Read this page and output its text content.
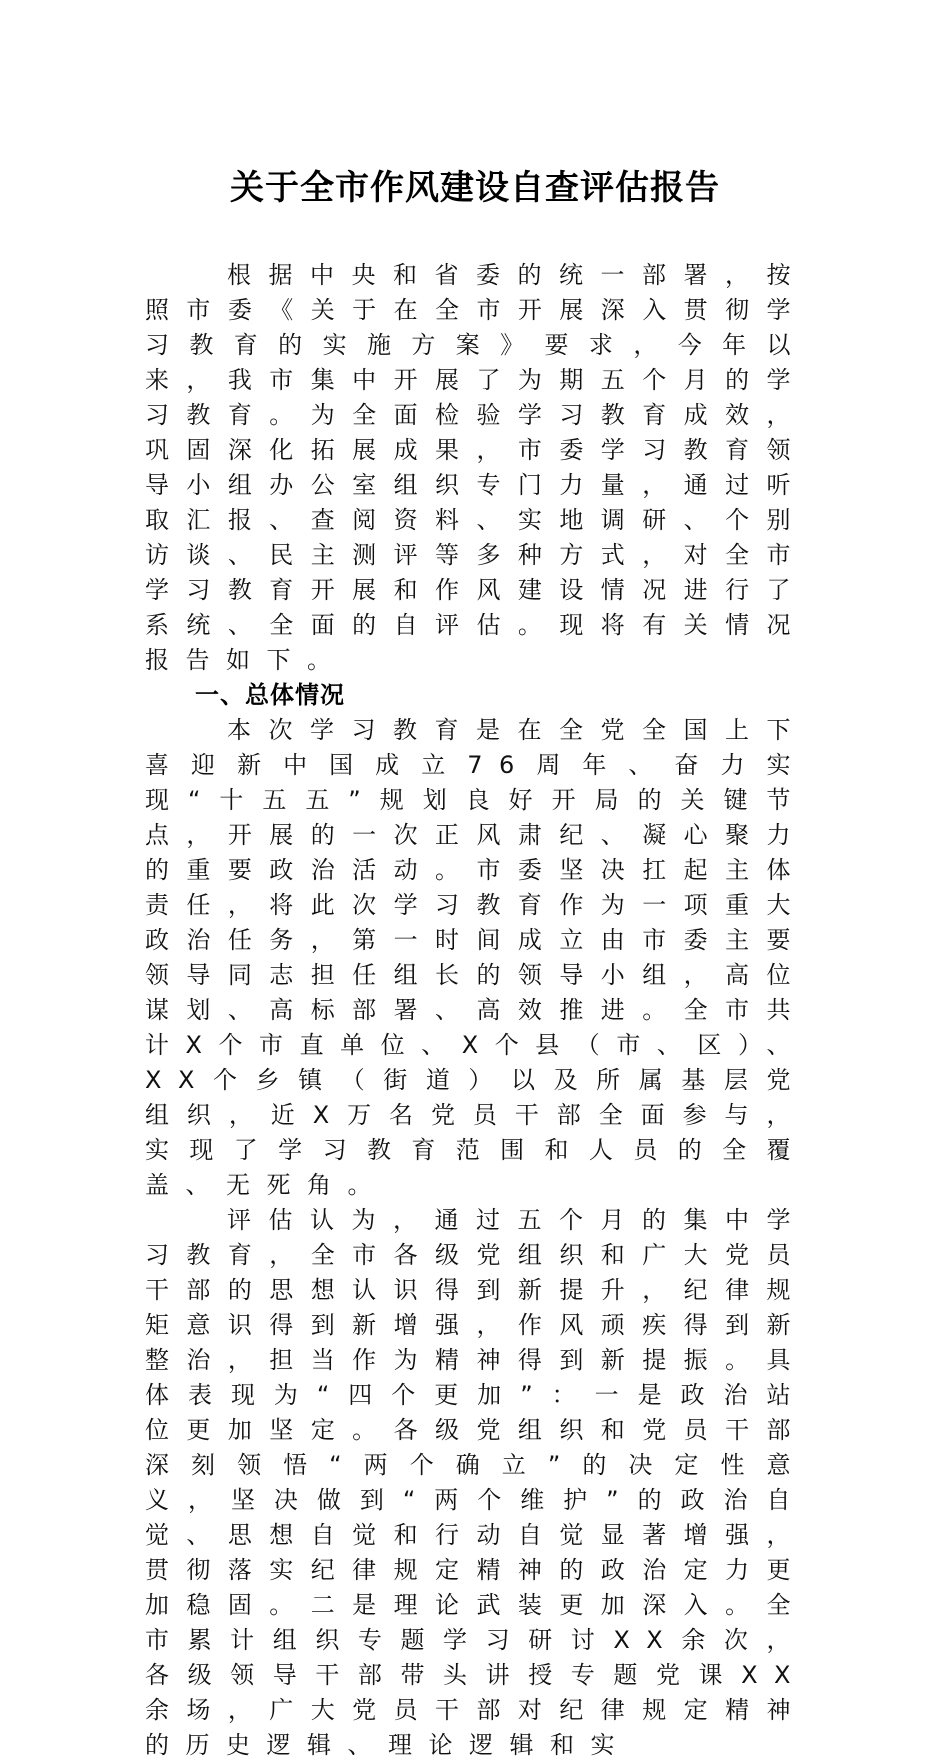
关于全市作风建设自查评估报告

根据中央和省委的统一部署，按照市委《关于在全市开展深入贯彻学习教育的实施方案》要求，今年以来，我市集中开展了为期五个月的学习教育。为全面检验学习教育成效，巩固深化拓展成果，市委学习教育领导小组办公室组织专门力量，通过听取汇报、查阅资料、实地调研、个别访谈、民主测评等多种方式，对全市学习教育开展和作风建设情况进行了系统、全面的自评估。现将有关情况报告如下。

一、总体情况

本次学习教育是在全党全国上下喜迎新中国成立76周年、奋力实现“十五五”规划良好开局的关键节点，开展的一次正风肃纪、凝心聚力的重要政治活动。市委坚决扛起主体责任，将此次学习教育作为一项重大政治任务，第一时间成立由市委主要领导同志担任组长的领导小组，高位谋划、高标部署、高效推进。全市共计X个市直单位、X个县（市、区）、XX个乡镇（街道）以及所属基层党组织，近X万名党员干部全面参与，实现了学习教育范围和人员的全覆盖、无死角。

评估认为，通过五个月的集中学习教育，全市各级党组织和广大党员干部的思想认识得到新提升，纪律规矩意识得到新增强，作风顽疾得到新整治，担当作为精神得到新提振。具体表现为“四个更加”：一是政治站位更加坚定。各级党组织和党员干部深刻领悟“两个确立”的决定性意义，坚决做到“两个维护”的政治自觉、思想自觉和行动自觉显著增强，贯彻落实纪律规定精神的政治定力更加稳固。二是理论武装更加深入。全市累计组织专题学习研讨XX余次，各级领导干部带头讲授专题党课XX余场，广大党员干部对纪律规定精神的历史逻辑、理论逻辑和实
